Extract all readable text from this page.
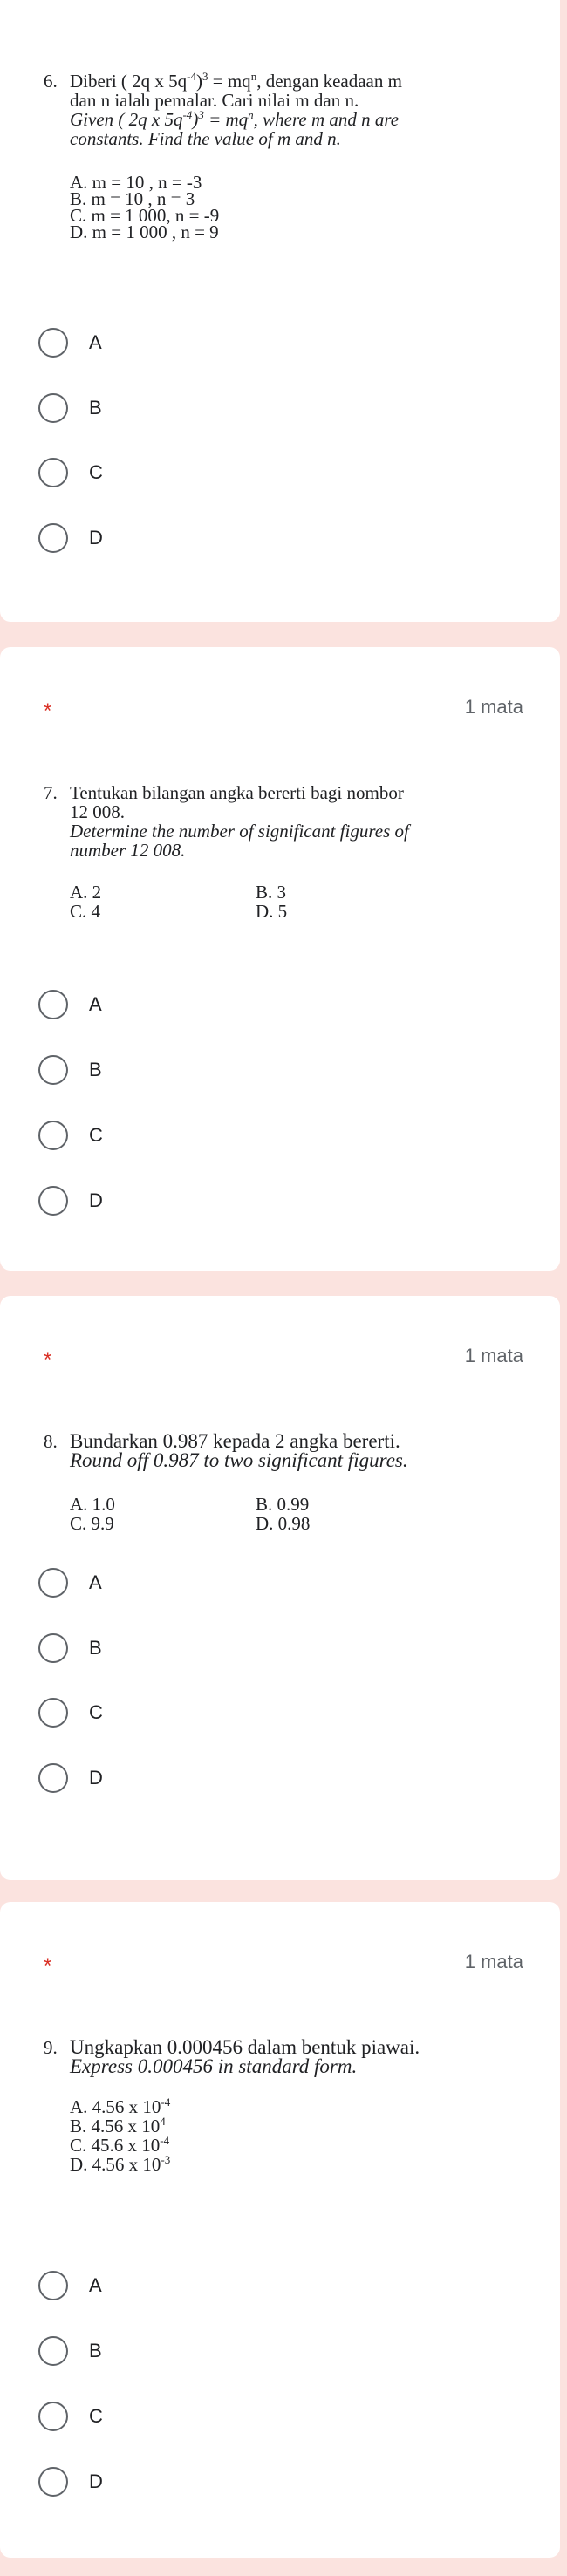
6. Diberi ( 2q x $5q^{-4})^3 = mq^n$, dengan keadaan m
dan n ialah pemalar. Cari nilai m dan n.
Given ( 2q x $5q^{-4})^3 = mq^n$, where m and n are
constants. Find the value of m and n.
A. m = 10 , n = -3
B. m = 10 , n = 3
C. m = 1 000, n = -9
D. m = 1 000 , n = 9
A
B
C
D
*	1 mata
7. Tentukan bilangan angka bererti bagi nombor
12 008.
Determine the number of significant figures of
number 12 008.
A. 2	B. 3
C. 4	D. 5
A
B
C
D
*	1 mata
8. Bundarkan 0.987 kepada 2 angka bererti.
Round off 0.987 to two significant figures.
A. 1.0	B. 0.99
C. 9.9	D. 0.98
A
B
C
D
*	1 mata
9. Ungkapkan 0.000456 dalam bentuk piawai.
Express 0.000456 in standard form.
A. 4.56 x $10^{-4}$
B. 4.56 x $10^4$
C. 45.6 x $10^{-4}$
D. 4.56 x $10^{-3}$
A
B
C
D
